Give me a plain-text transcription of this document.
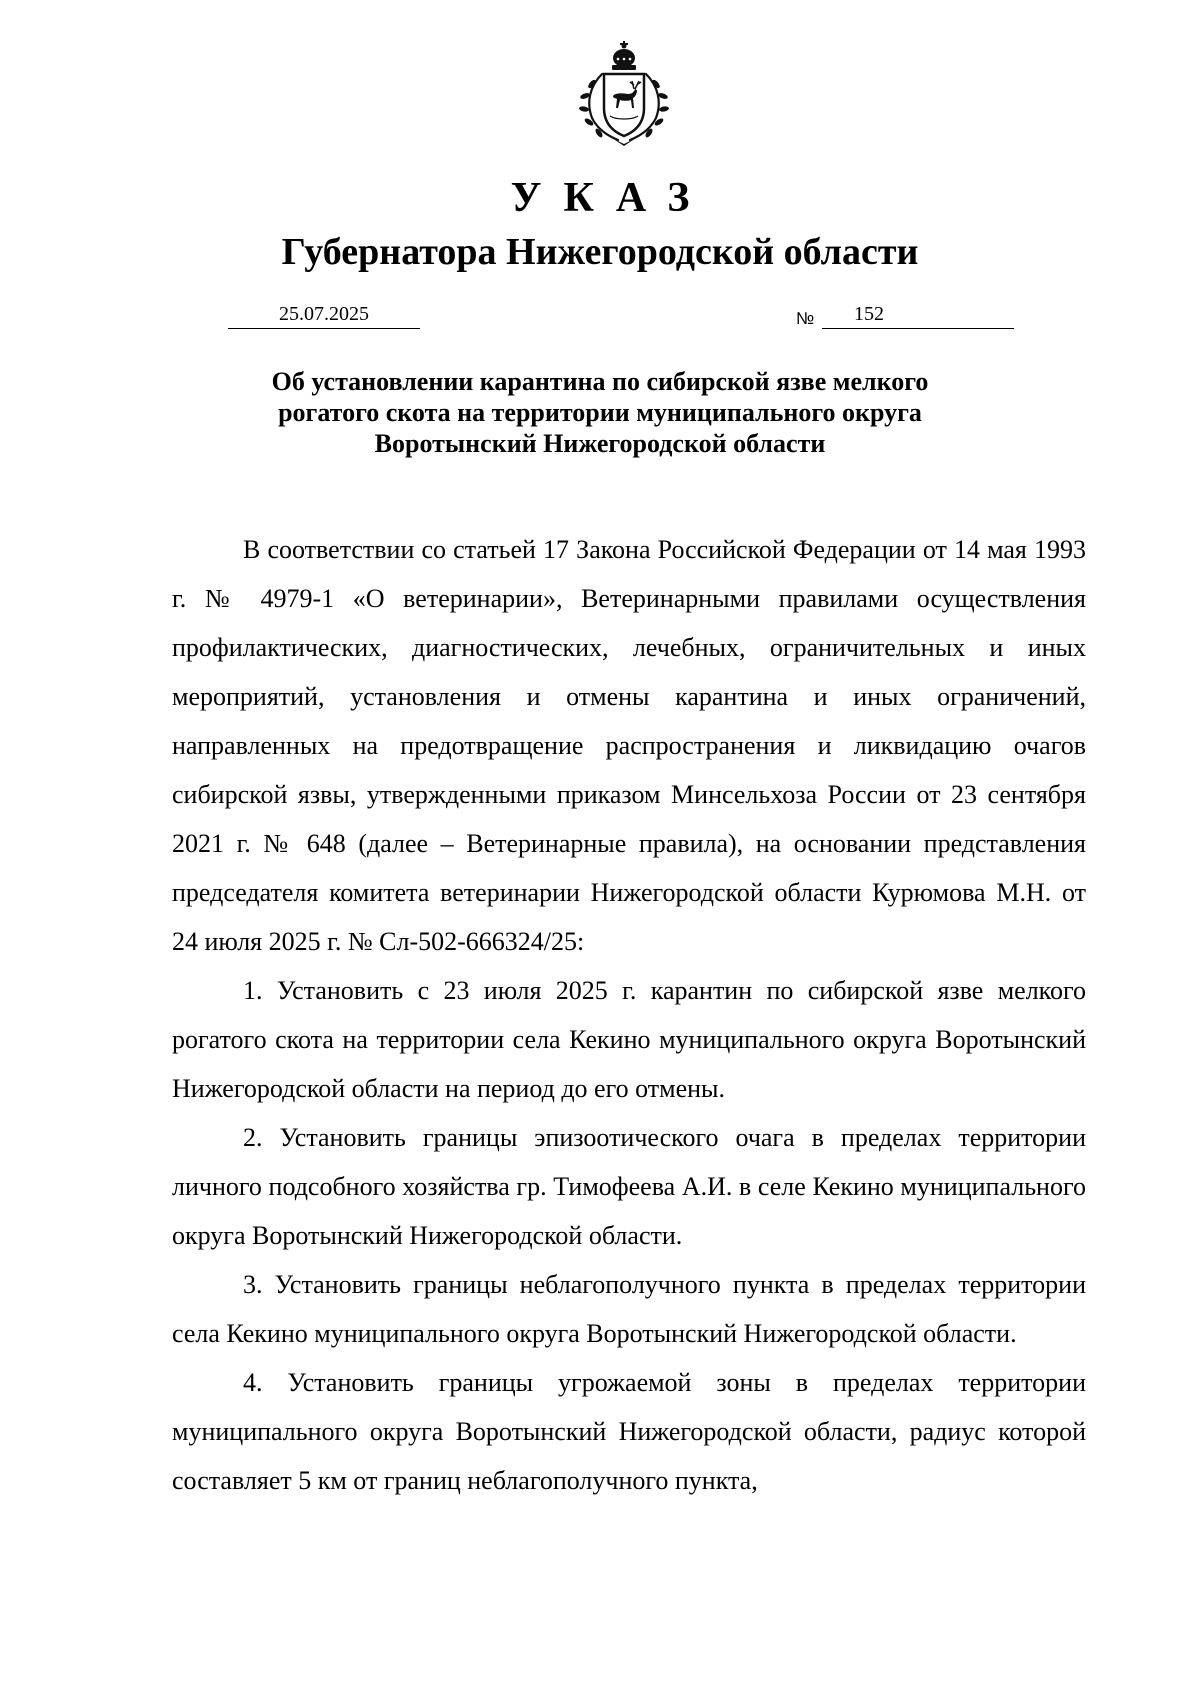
УКАЗ
Губернатора Нижегородской области
25.07.2025	№	152
Об установлении карантина по сибирской язве мелкого
рогатого скота на территории муниципального округа
Воротынский Нижегородской области

В соответствии со статьей 17 Закона Российской Федерации от 14 мая 1993 г. № 4979-1 «О ветеринарии», Ветеринарными правилами осуществления профилактических, диагностических, лечебных, ограничительных и иных мероприятий, установления и отмены карантина и иных ограничений, направленных на предотвращение распространения и ликвидацию очагов сибирской язвы, утвержденными приказом Минсельхоза России от 23 сентября 2021 г. № 648 (далее – Ветеринарные правила), на основании представления председателя комитета ветеринарии Нижегородской области Курюмова М.Н. от 24 июля 2025 г. № Сл-502-666324/25:

1. Установить с 23 июля 2025 г. карантин по сибирской язве мелкого рогатого скота на территории села Кекино муниципального округа Воротынский Нижегородской области на период до его отмены.

2. Установить границы эпизоотического очага в пределах территории личного подсобного хозяйства гр. Тимофеева А.И. в селе Кекино муниципального округа Воротынский Нижегородской области.

3. Установить границы неблагополучного пункта в пределах территории села Кекино муниципального округа Воротынский Нижегородской области.

4. Установить границы угрожаемой зоны в пределах территории муниципального округа Воротынский Нижегородской области, радиус которой составляет 5 км от границ неблагополучного пункта,
